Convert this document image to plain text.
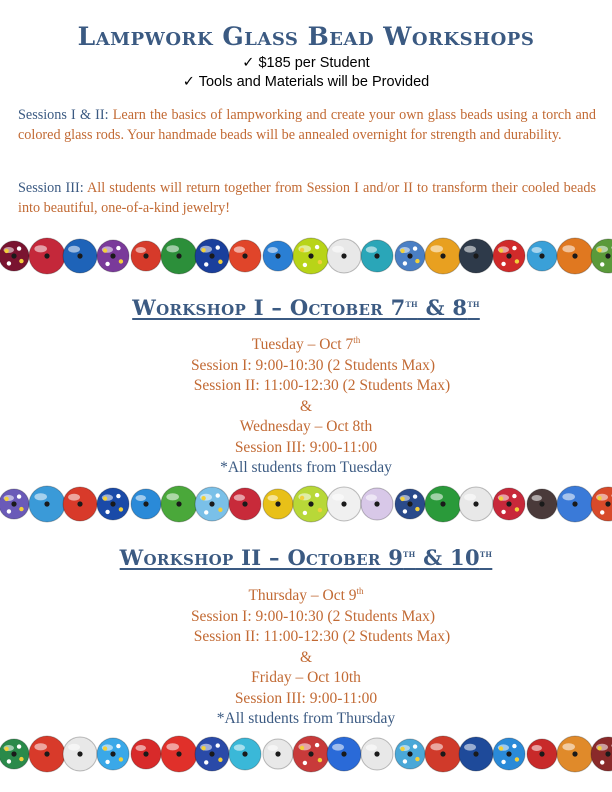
Lampwork Glass Bead Workshops
✓ $185 per Student
✓ Tools and Materials will be Provided
Sessions I & II: Learn the basics of lampworking and create your own glass beads using a torch and colored glass rods. Your handmade beads will be annealed overnight for strength and durability.
Session III: All students will return together from Session I and/or II to transform their cooled beads into beautiful, one-of-a-kind jewelry!
Workshop I – October 7th & 8th
Tuesday – Oct 7th
Session I: 9:00-10:30 (2 Students Max)
Session II: 11:00-12:30 (2 Students Max)
&
Wednesday – Oct 8th
Session III: 9:00-11:00
*All students from Tuesday
Workshop II – October 9th & 10th
Thursday – Oct 9th
Session I: 9:00-10:30 (2 Students Max)
Session II: 11:00-12:30 (2 Students Max)
&
Friday – Oct 10th
Session III: 9:00-11:00
*All students from Thursday
